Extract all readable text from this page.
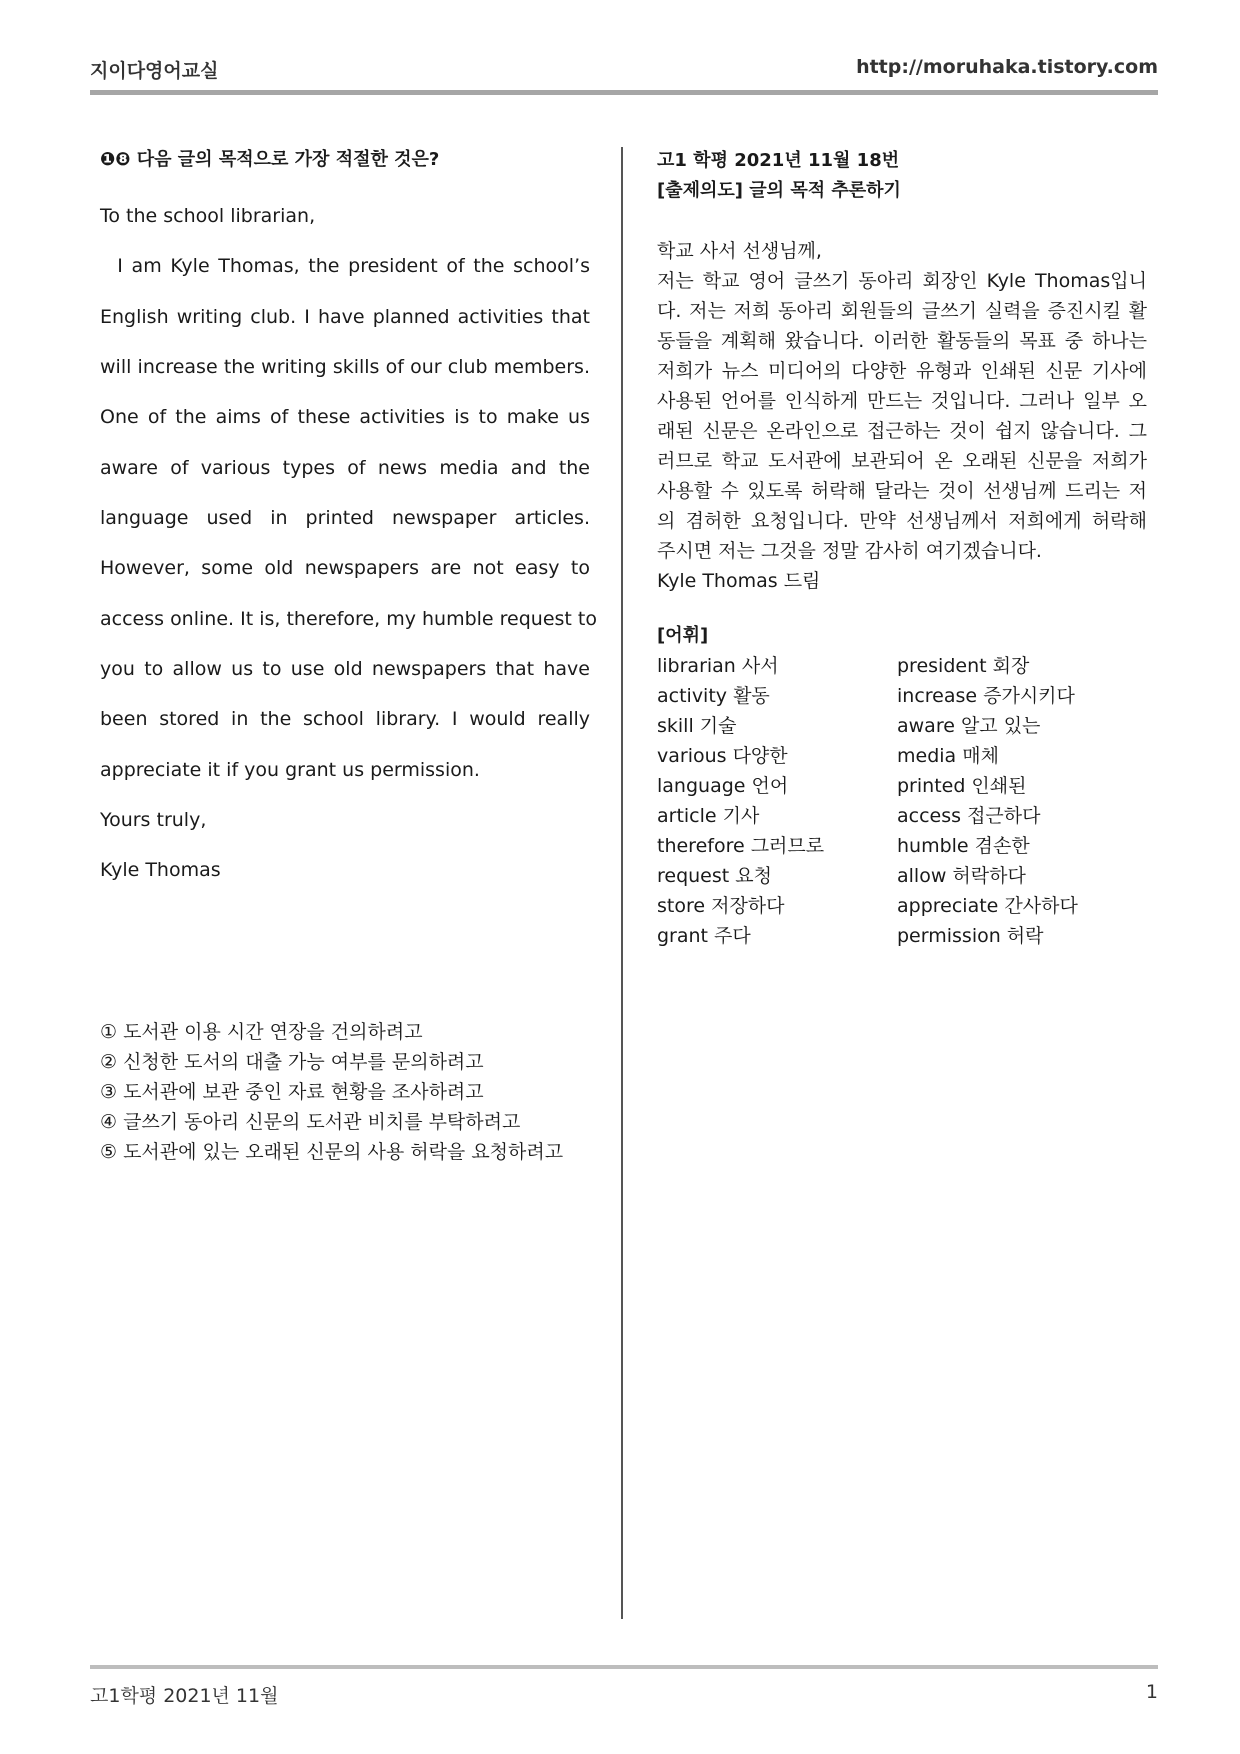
지이다영어교실	http://moruhaka.tistory.com
❶❽ 다음 글의 목적으로 가장 적절한 것은?
To the school librarian,
I am Kyle Thomas, the president of the school’s
English writing club. I have planned activities that
will increase the writing skills of our club members.
One of the aims of these activities is to make us
aware of various types of news media and the
language used in printed newspaper articles.
However, some old newspapers are not easy to
access online. It is, therefore, my humble request to
you to allow us to use old newspapers that have
been stored in the school library. I would really
appreciate it if you grant us permission.
Yours truly,
Kyle Thomas
① 도서관 이용 시간 연장을 건의하려고
② 신청한 도서의 대출 가능 여부를 문의하려고
③ 도서관에 보관 중인 자료 현황을 조사하려고
④ 글쓰기 동아리 신문의 도서관 비치를 부탁하려고
⑤ 도서관에 있는 오래된 신문의 사용 허락을 요청하려고
고1 학평 2021년 11월 18번
[출제의도] 글의 목적 추론하기
학교 사서 선생님께,
저는 학교 영어 글쓰기 동아리 회장인 Kyle Thomas입니
다. 저는 저희 동아리 회원들의 글쓰기 실력을 증진시킬 활
동들을 계획해 왔습니다. 이러한 활동들의 목표 중 하나는
저희가 뉴스 미디어의 다양한 유형과 인쇄된 신문 기사에
사용된 언어를 인식하게 만드는 것입니다. 그러나 일부 오
래된 신문은 온라인으로 접근하는 것이 쉽지 않습니다. 그
러므로 학교 도서관에 보관되어 온 오래된 신문을 저희가
사용할 수 있도록 허락해 달라는 것이 선생님께 드리는 저
의 겸허한 요청입니다. 만약 선생님께서 저희에게 허락해
주시면 저는 그것을 정말 감사히 여기겠습니다.
Kyle Thomas 드림
[어휘]
librarian 사서	president 회장
activity 활동	increase 증가시키다
skill 기술	aware 알고 있는
various 다양한	media 매체
language 언어	printed 인쇄된
article 기사	access 접근하다
therefore 그러므로	humble 겸손한
request 요청	allow 허락하다
store 저장하다	appreciate 간사하다
grant 주다	permission 허락
고1학평 2021년 11월	1
